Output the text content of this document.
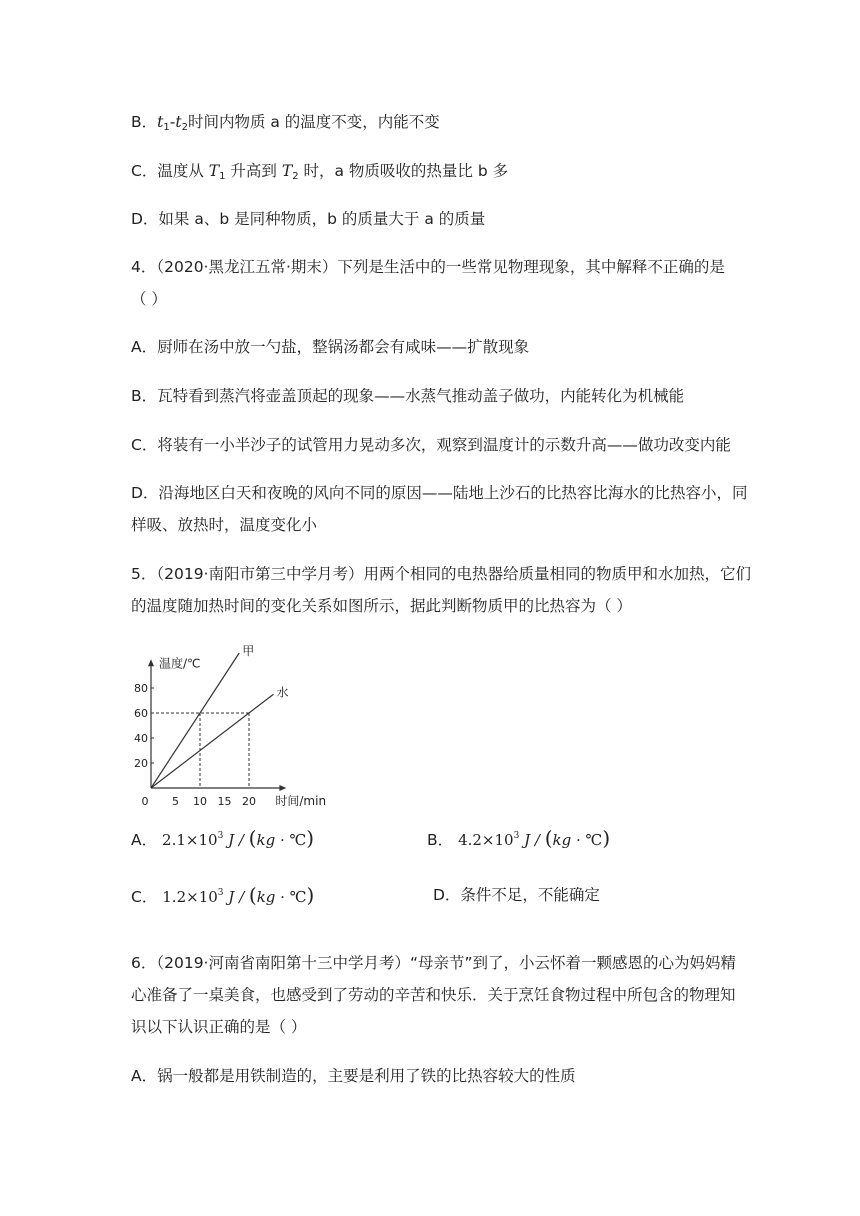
B．$t_1-t_2$时间内物质 a 的温度不变，内能不变
C．温度从 $T_1$ 升高到 $T_2$ 时，a 物质吸收的热量比 b 多
D．如果 a、b 是同种物质，b 的质量大于 a 的质量
4．（2020·黑龙江五常·期末）下列是生活中的一些常见物理现象，其中解释不正确的是
（ ）
A．厨师在汤中放一勺盐，整锅汤都会有咸味——扩散现象
B．瓦特看到蒸汽将壶盖顶起的现象——水蒸气推动盖子做功，内能转化为机械能
C．将装有一小半沙子的试管用力晃动多次，观察到温度计的示数升高——做功改变内能
D．沿海地区白天和夜晚的风向不同的原因——陆地上沙石的比热容比海水的比热容小，同
样吸、放热时，温度变化小
5．（2019·南阳市第三中学月考）用两个相同的电热器给质量相同的物质甲和水加热，它们
的温度随加热时间的变化关系如图所示，据此判断物质甲的比热容为（ ）
温度/℃
时间/min
20
40
60
80
0 5 10 15 20
甲
水
A． $2.1\times 10^3$ J / (kg · ℃)	B． $4.2\times 10^3$ J / (kg · ℃)
C． $1.2\times 10^3$ J / (kg · ℃)	D．条件不足，不能确定
6．（2019·河南省南阳第十三中学月考）“母亲节”到了，小云怀着一颗感恩的心为妈妈精
心准备了一桌美食，也感受到了劳动的辛苦和快乐．关于烹饪食物过程中所包含的物理知
识以下认识正确的是（ ）
A．锅一般都是用铁制造的，主要是利用了铁的比热容较大的性质
